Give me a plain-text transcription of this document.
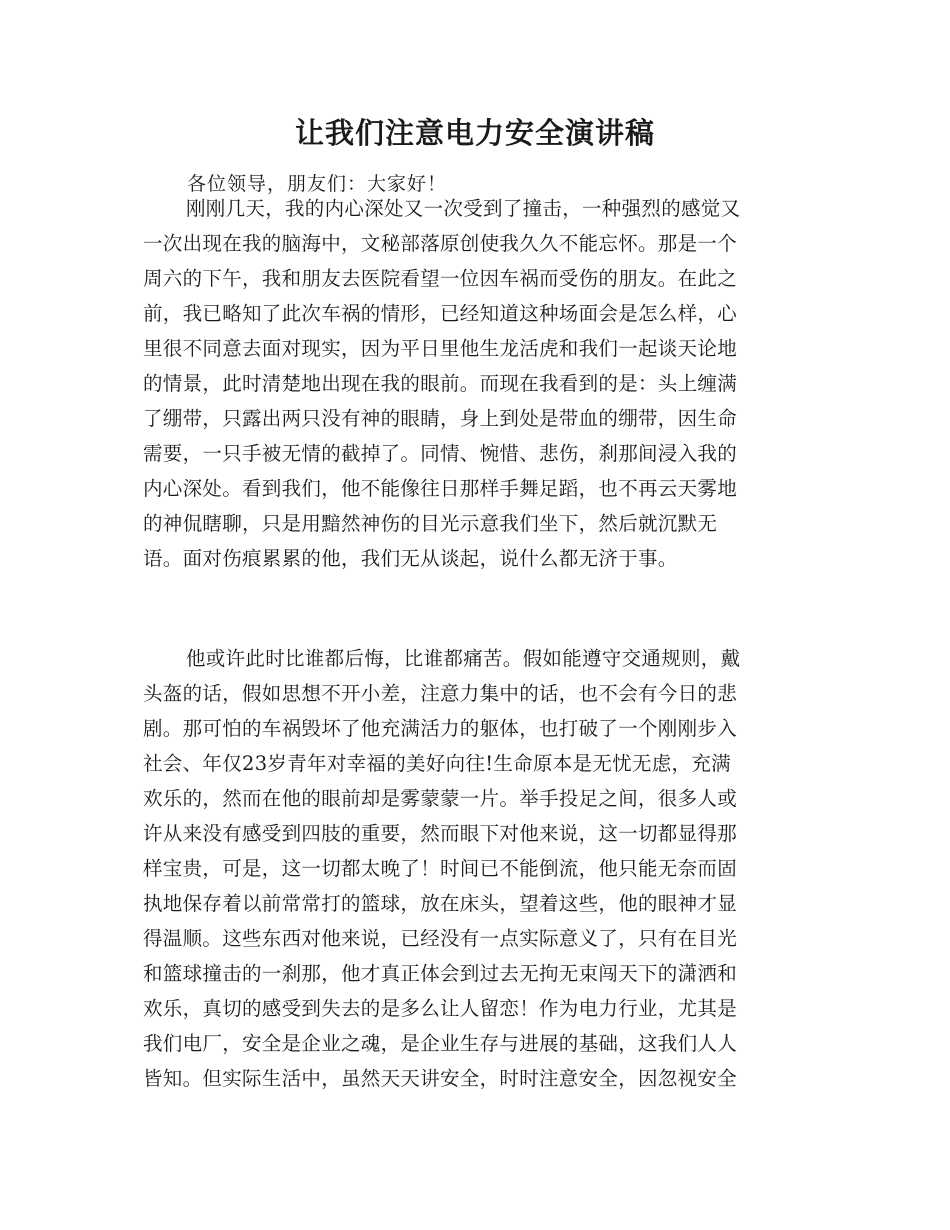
让我们注意电力安全演讲稿
各位领导，朋友们：大家好！
刚刚几天，我的内心深处又一次受到了撞击，一种强烈的感觉又
一次出现在我的脑海中，文秘部落原创使我久久不能忘怀。那是一个
周六的下午，我和朋友去医院看望一位因车祸而受伤的朋友。在此之
前，我已略知了此次车祸的情形，已经知道这种场面会是怎么样，心
里很不同意去面对现实，因为平日里他生龙活虎和我们一起谈天论地
的情景，此时清楚地出现在我的眼前。而现在我看到的是：头上缠满
了绷带，只露出两只没有神的眼睛，身上到处是带血的绷带，因生命
需要，一只手被无情的截掉了。同情、惋惜、悲伤，刹那间浸入我的
内心深处。看到我们，他不能像往日那样手舞足蹈，也不再云天雾地
的神侃瞎聊，只是用黯然神伤的目光示意我们坐下，然后就沉默无
语。面对伤痕累累的他，我们无从谈起，说什么都无济于事。
他或许此时比谁都后悔，比谁都痛苦。假如能遵守交通规则，戴
头盔的话，假如思想不开小差，注意力集中的话，也不会有今日的悲
剧。那可怕的车祸毁坏了他充满活力的躯体，也打破了一个刚刚步入
社会、年仅23岁青年对幸福的美好向往!生命原本是无忧无虑，充满
欢乐的，然而在他的眼前却是雾蒙蒙一片。举手投足之间，很多人或
许从来没有感受到四肢的重要，然而眼下对他来说，这一切都显得那
样宝贵，可是，这一切都太晚了！时间已不能倒流，他只能无奈而固
执地保存着以前常常打的篮球，放在床头，望着这些，他的眼神才显
得温顺。这些东西对他来说，已经没有一点实际意义了，只有在目光
和篮球撞击的一刹那，他才真正体会到过去无拘无束闯天下的潇洒和
欢乐，真切的感受到失去的是多么让人留恋！作为电力行业，尤其是
我们电厂，安全是企业之魂，是企业生存与进展的基础，这我们人人
皆知。但实际生活中，虽然天天讲安全，时时注意安全，因忽视安全
